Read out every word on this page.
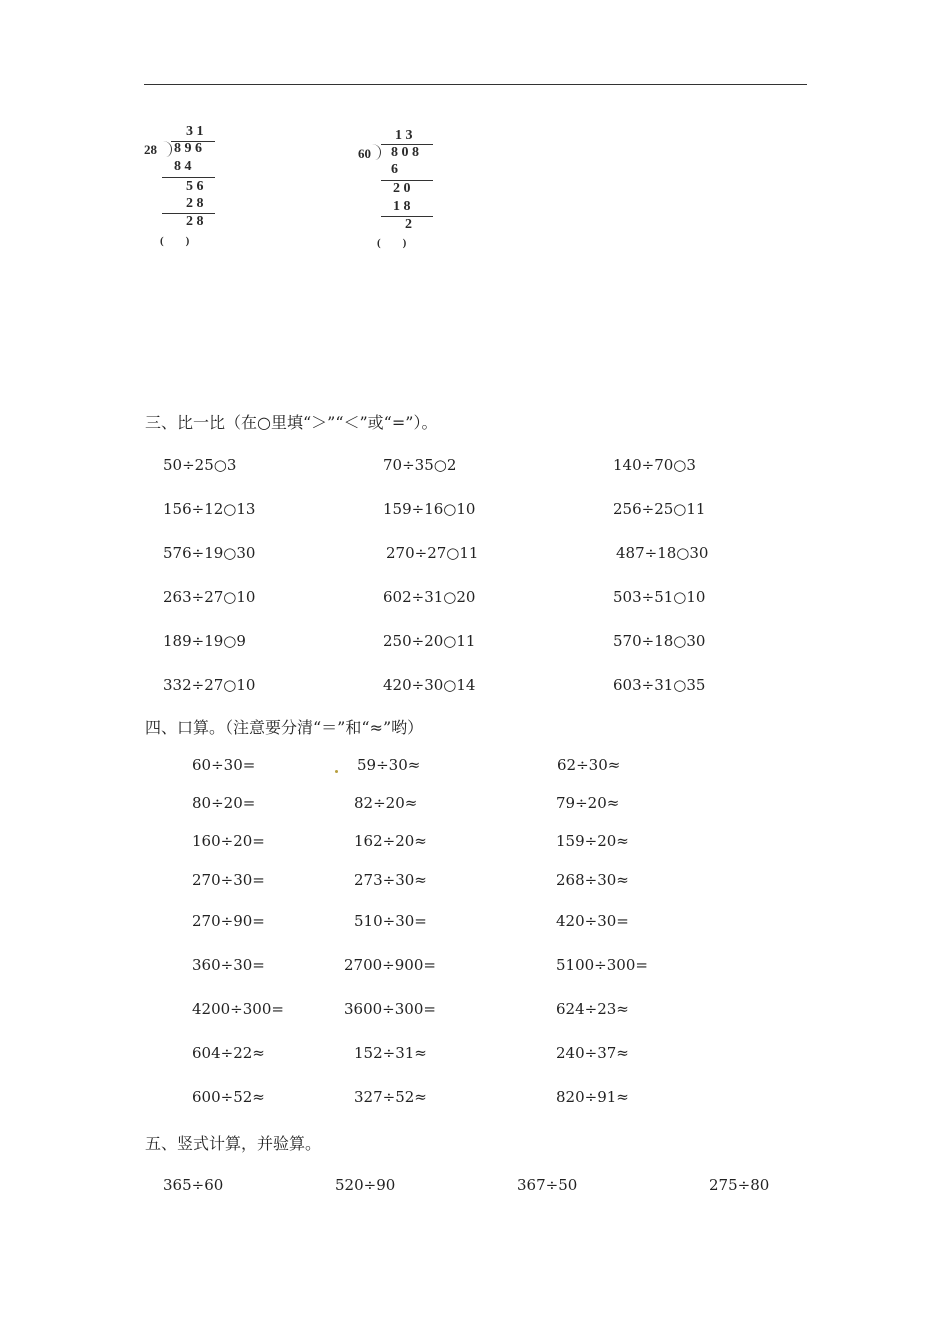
3 1
28 8 9 6
8 4
5 6
2 8
2 8
(　　)
1 3
60 8 0 8
6
2 0
1 8
2
(　　)
三、比一比（在○里填“＞”“＜”或“=”）。
50÷25○3	70÷35○2	140÷70○3
156÷12○13	159÷16○10	256÷25○11
576÷19○30	270÷27○11	487÷18○30
263÷27○10	602÷31○20	503÷51○10
189÷19○9	250÷20○11	570÷18○30
332÷27○10	420÷30○14	603÷31○35
四、口算。（注意要分清“＝”和“≈”哟）
60÷30=	59÷30≈	62÷30≈
80÷20=	82÷20≈	79÷20≈
160÷20=	162÷20≈	159÷20≈
270÷30=	273÷30≈	268÷30≈
270÷90=	510÷30=	420÷30=
360÷30=	2700÷900=	5100÷300=
4200÷300=	3600÷300=	624÷23≈
604÷22≈	152÷31≈	240÷37≈
600÷52≈	327÷52≈	820÷91≈
五、竖式计算，并验算。
365÷60	520÷90	367÷50	275÷80
